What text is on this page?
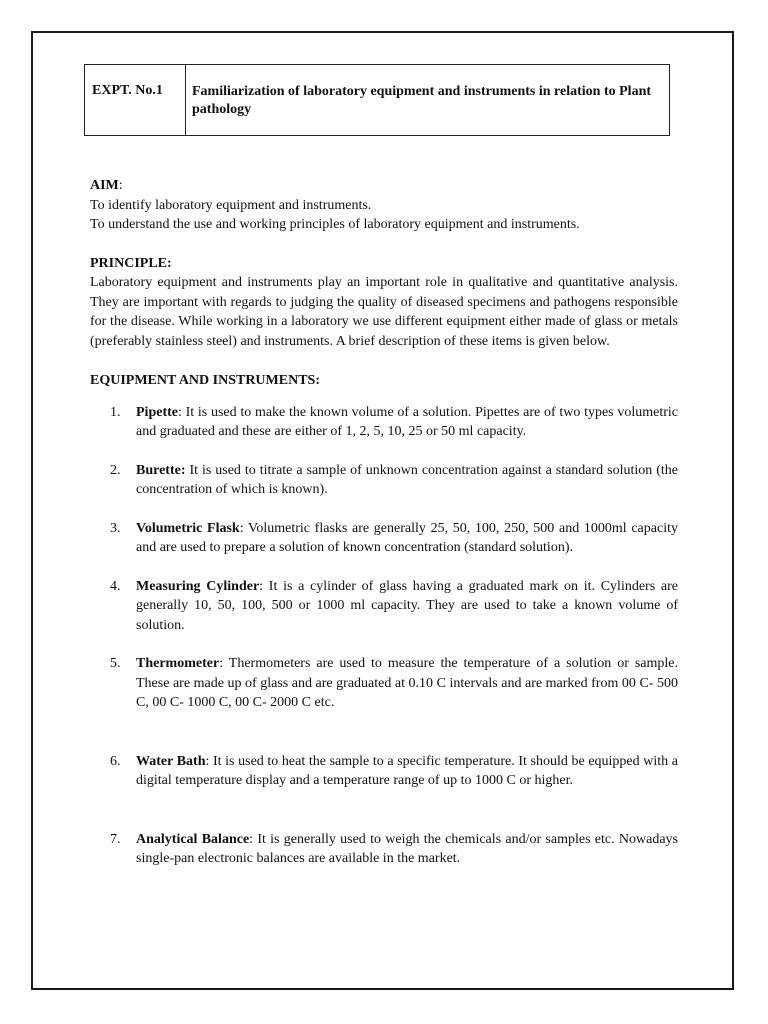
EXPT. No.1	Familiarization of laboratory equipment and instruments in relation to Plant pathology
AIM:
To identify laboratory equipment and instruments.
To understand the use and working principles of laboratory equipment and instruments.
PRINCIPLE:
Laboratory equipment and instruments play an important role in qualitative and quantitative analysis. They are important with regards to judging the quality of diseased specimens and pathogens responsible for the disease. While working in a laboratory we use different equipment either made of glass or metals (preferably stainless steel) and instruments. A brief description of these items is given below.
EQUIPMENT AND INSTRUMENTS:
1.	Pipette: It is used to make the known volume of a solution. Pipettes are of two types volumetric and graduated and these are either of 1, 2, 5, 10, 25 or 50 ml capacity.
2.	Burette: It is used to titrate a sample of unknown concentration against a standard solution (the concentration of which is known).
3.	Volumetric Flask: Volumetric flasks are generally 25, 50, 100, 250, 500 and 1000ml capacity and are used to prepare a solution of known concentration (standard solution).
4.	Measuring Cylinder: It is a cylinder of glass having a graduated mark on it. Cylinders are generally 10, 50, 100, 500 or 1000 ml capacity. They are used to take a known volume of solution.
5.	Thermometer: Thermometers are used to measure the temperature of a solution or sample. These are made up of glass and are graduated at 0.10 C intervals and are marked from 00 C- 500 C, 00 C- 1000 C, 00 C- 2000 C etc.
6.	Water Bath: It is used to heat the sample to a specific temperature. It should be equipped with a digital temperature display and a temperature range of up to 1000 C or higher.
7.	Analytical Balance: It is generally used to weigh the chemicals and/or samples etc. Nowadays single-pan electronic balances are available in the market.
